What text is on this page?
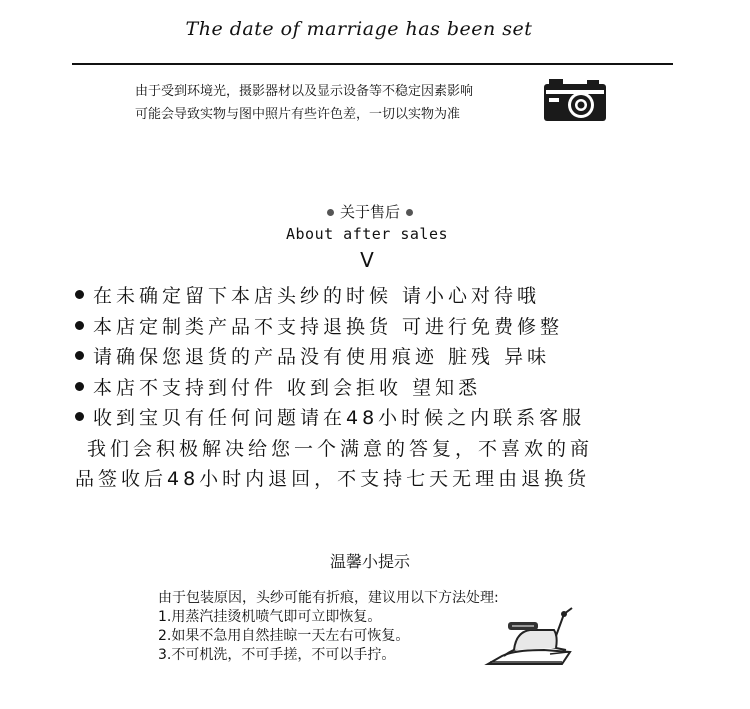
The date of marriage has been set
由于受到环境光，摄影器材以及显示设备等不稳定因素影响
可能会导致实物与图中照片有些许色差，一切以实物为准
关于售后
About after sales
V
在未确定留下本店头纱的时候 请小心对待哦
本店定制类产品不支持退换货 可进行免费修整
请确保您退货的产品没有使用痕迹 脏残 异味
本店不支持到付件 收到会拒收 望知悉
收到宝贝有任何问题请在48小时候之内联系客服
我们会积极解决给您一个满意的答复，不喜欢的商
品签收后48小时内退回，不支持七天无理由退换货
温馨小提示
由于包装原因，头纱可能有折痕，建议用以下方法处理:
1.用蒸汽挂烫机喷气即可立即恢复。
2.如果不急用自然挂晾一天左右可恢复。
3.不可机洗，不可手搓，不可以手拧。
